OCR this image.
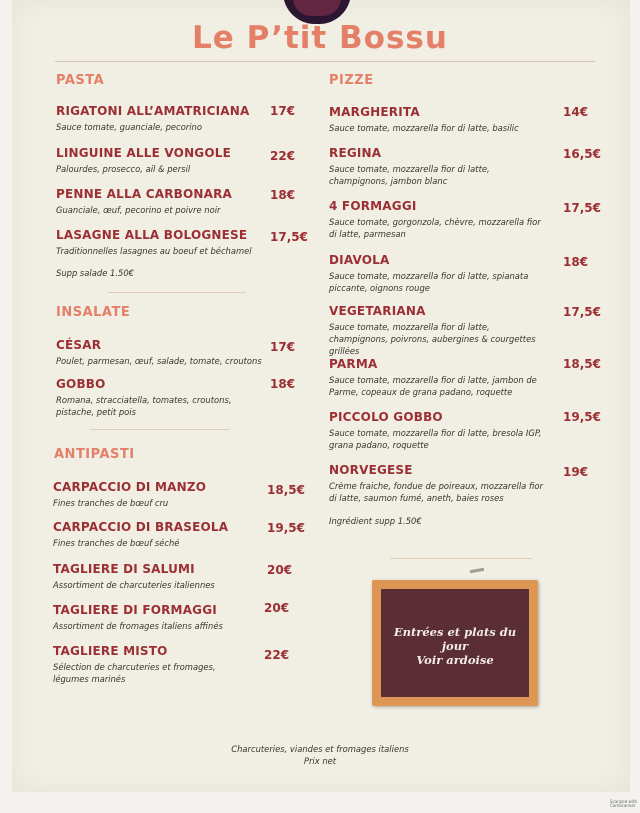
Le P’tit Bossu
PASTA
RIGATONI ALL’AMATRICIANA
Sauce tomate, guanciale, pecorino
17€
LINGUINE ALLE VONGOLE
Palourdes, prosecco, ail & persil
22€
PENNE ALLA CARBONARA
Guanciale, œuf, pecorino et poivre noir
18€
LASAGNE ALLA BOLOGNESE
Traditionnelles lasagnes au boeuf et béchamel
17,5€
Supp salade 1.50€
INSALATE
CÉSAR
Poulet, parmesan, œuf, salade, tomate, croutons
17€
GOBBO
Romana, stracciatella, tomates, croutons, pistache, petit pois
18€
ANTIPASTI
CARPACCIO DI MANZO
Fines tranches de bœuf cru
18,5€
CARPACCIO DI BRASEOLA
Fines tranches de bœuf séché
19,5€
TAGLIERE DI SALUMI
Assortiment de charcuteries italiennes
20€
TAGLIERE DI FORMAGGI
Assortiment de fromages italiens affinés
20€
TAGLIERE MISTO
Sélection de charcuteries et fromages, légumes marinés
22€
PIZZE
MARGHERITA
Sauce tomate, mozzarella fior di latte, basilic
14€
REGINA
Sauce tomate, mozzarella fior di latte, champignons, jambon blanc
16,5€
4 FORMAGGI
Sauce tomate, gorgonzola, chèvre, mozzarella fior di latte, parmesan
17,5€
DIAVOLA
Sauce tomate, mozzarella fior di latte, spianata piccante, oignons rouge
18€
VEGETARIANA
Sauce tomate, mozzarella fior di latte, champignons, poivrons, aubergines & courgettes grillées
17,5€
PARMA
Sauce tomate, mozzarella fior di latte, jambon de Parme, copeaux de grana padano, roquette
18,5€
PICCOLO GOBBO
Sauce tomate, mozzarella fior di latte, bresola IGP, grana padano, roquette
19,5€
NORVEGESE
Crème fraiche, fondue de poireaux, mozzarella fior di latte, saumon fumé, aneth, baies roses
19€
Ingrédient supp 1.50€
Entrées et plats du jour
Voir ardoise
Charcuteries, viandes et fromages italiens
Prix net
Scanned with CamScanner
